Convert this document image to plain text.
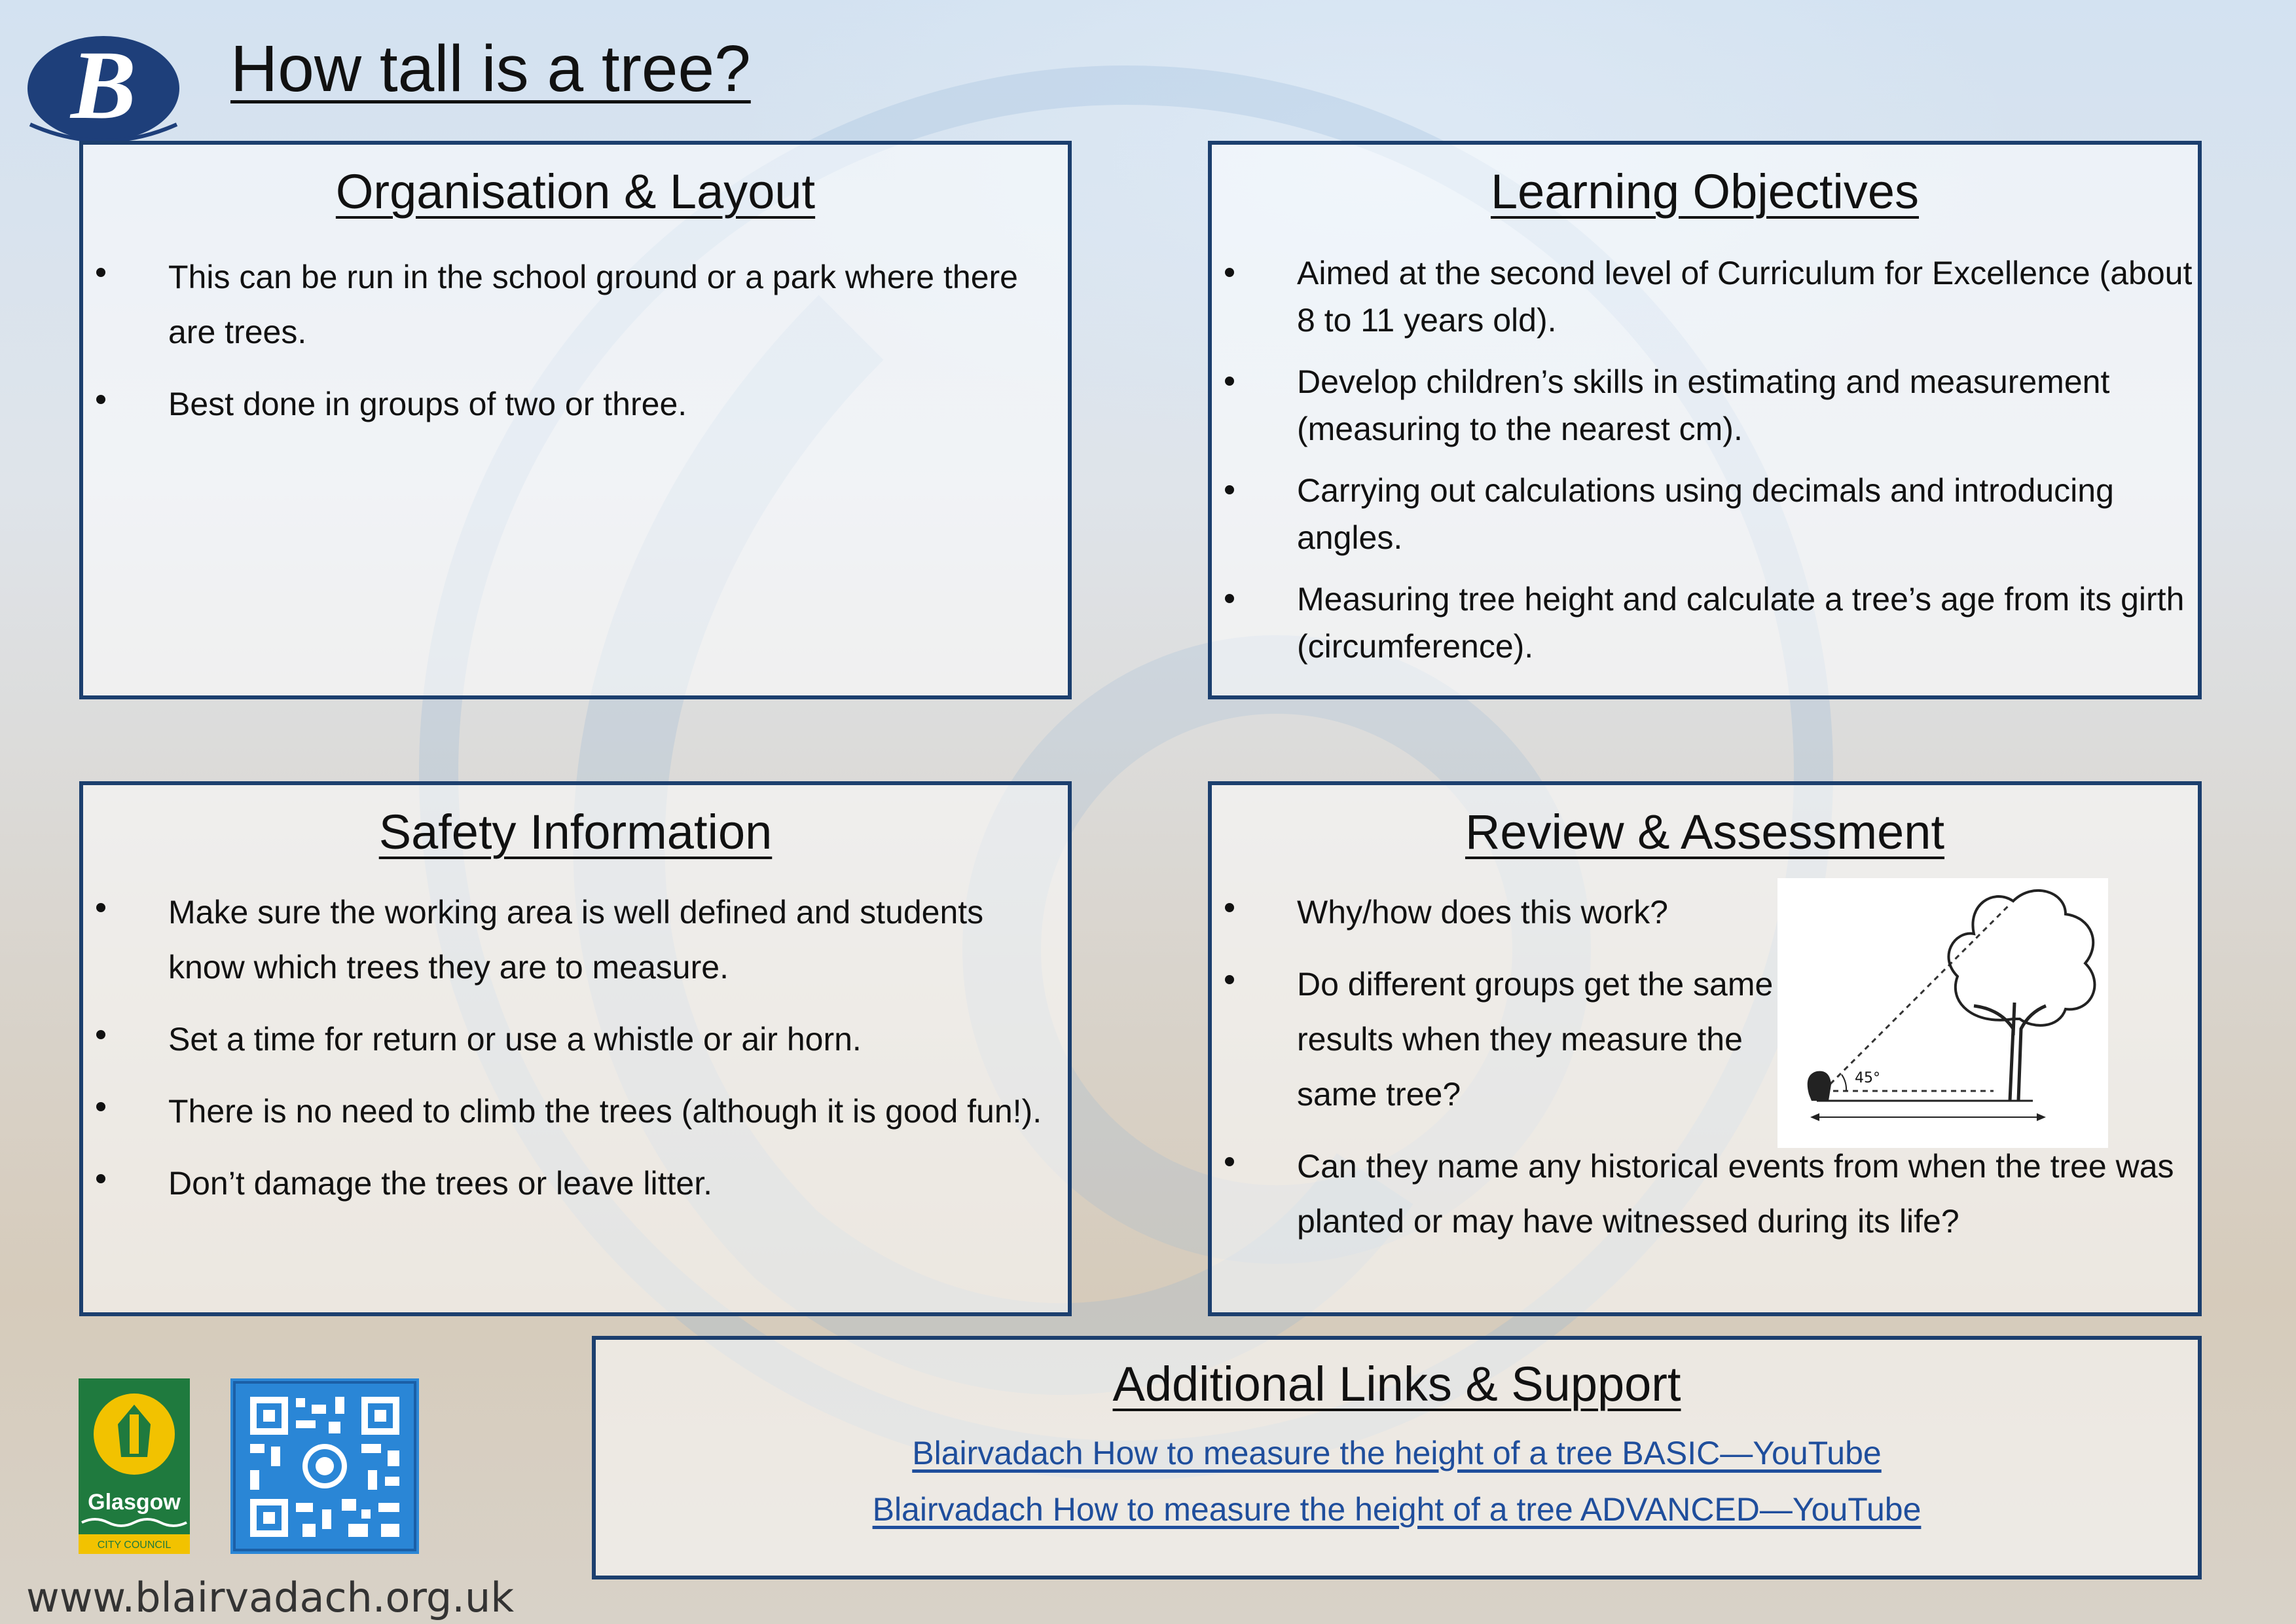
B How tall is a tree?
Organisation & Layout
This can be run in the school ground or a park where there are trees.
Best done in groups of two or three.
Learning Objectives
Aimed at the second level of Curriculum for Excellence (about 8 to 11 years old).
Develop children’s skills in estimating and measurement (measuring to the nearest cm).
Carrying out calculations using decimals and introducing angles.
Measuring tree height and calculate a tree’s age from its girth (circumference).
Safety Information
Make sure the working area is well defined and students know which trees they are to measure.
Set a time for return or use a whistle or air horn.
There is no need to climb the trees (although it is good fun!).
Don’t damage the trees or leave litter.
Review & Assessment
Why/how does this work?
Do different groups get the same results when they measure the same tree?
Can they name any historical events from when the tree was planted or may have witnessed during its life?
45°
Additional Links & Support
Blairvadach How to measure the height of a tree BASIC—YouTube
Blairvadach How to measure the height of a tree ADVANCED—YouTube
Glasgow
CITY COUNCIL
www.blairvadach.org.uk
